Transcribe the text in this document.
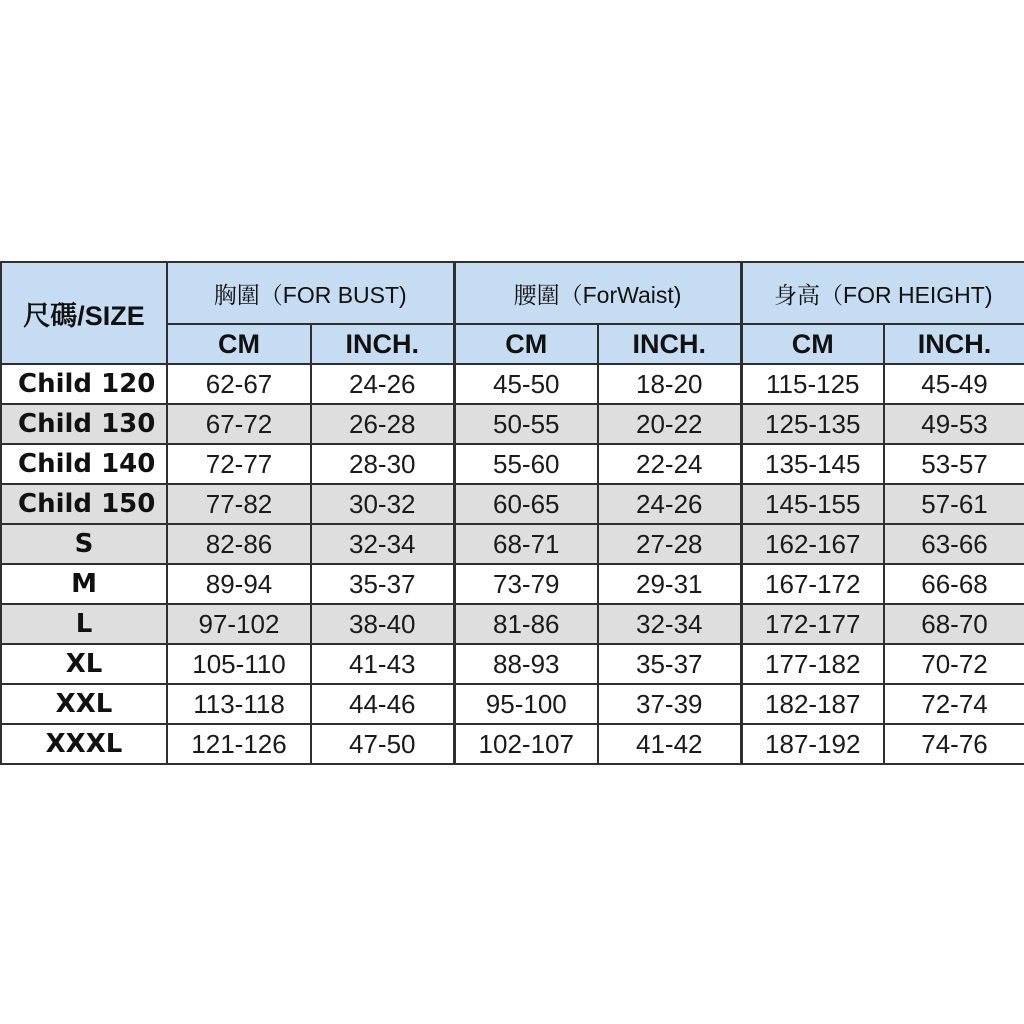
尺碼/SIZE	胸圍（FOR BUST)		腰圍（ForWaist)		身高（FOR HEIGHT)	
	CM	INCH.	CM	INCH.	CM	INCH.
Child 120	62-67	24-26	45-50	18-20	115-125	45-49
Child 130	67-72	26-28	50-55	20-22	125-135	49-53
Child 140	72-77	28-30	55-60	22-24	135-145	53-57
Child 150	77-82	30-32	60-65	24-26	145-155	57-61
S	82-86	32-34	68-71	27-28	162-167	63-66
M	89-94	35-37	73-79	29-31	167-172	66-68
L	97-102	38-40	81-86	32-34	172-177	68-70
XL	105-110	41-43	88-93	35-37	177-182	70-72
XXL	113-118	44-46	95-100	37-39	182-187	72-74
XXXL	121-126	47-50	102-107	41-42	187-192	74-76
